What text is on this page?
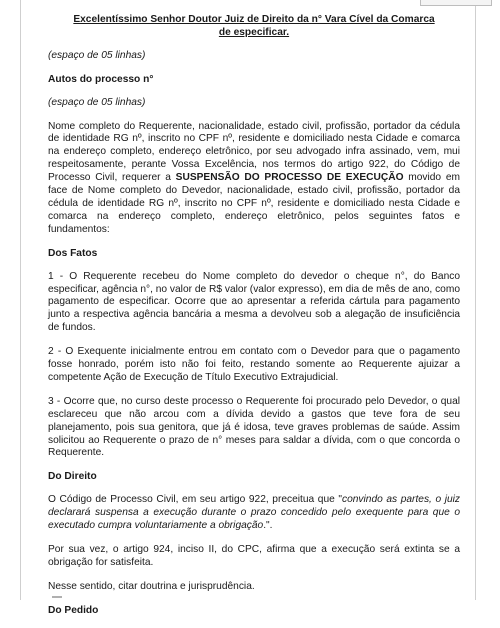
Excelentíssimo Senhor Doutor Juiz de Direito da n° Vara Cível da Comarca
de especificar.
(espaço de 05 linhas)
Autos do processo n°
(espaço de 05 linhas)

Nome completo do Requerente, nacionalidade, estado civil, profissão, portador da cédula de identidade RG nº, inscrito no CPF nº, residente e domiciliado nesta Cidade e comarca na endereço completo, endereço eletrônico, por seu advogado infra assinado, vem, mui respeitosamente, perante Vossa Excelência, nos termos do artigo 922, do Código de Processo Civil, requerer a SUSPENSÃO DO PROCESSO DE EXECUÇÃO movido em face de Nome completo do Devedor, nacionalidade, estado civil, profissão, portador da cédula de identidade RG nº, inscrito no CPF nº, residente e domiciliado nesta Cidade e comarca na endereço completo, endereço eletrônico, pelos seguintes fatos e fundamentos:

Dos Fatos

1 - O Requerente recebeu do Nome completo do devedor o cheque n°, do Banco especificar, agência n°, no valor de R$ valor (valor expresso), em dia de mês de ano, como pagamento de especificar. Ocorre que ao apresentar a referida cártula para pagamento junto a respectiva agência bancária a mesma a devolveu sob a alegação de insuficiência de fundos.

2 - O Exequente inicialmente entrou em contato com o Devedor para que o pagamento fosse honrado, porém isto não foi feito, restando somente ao Requerente ajuizar a competente Ação de Execução de Título Executivo Extrajudicial.

3 - Ocorre que, no curso deste processo o Requerente foi procurado pelo Devedor, o qual esclareceu que não arcou com a dívida devido a gastos que teve fora de seu planejamento, pois sua genitora, que já é idosa, teve graves problemas de saúde. Assim solicitou ao Requerente o prazo de n° meses para saldar a dívida, com o que concorda o Requerente.

Do Direito

O Código de Processo Civil, em seu artigo 922, preceitua que "convindo as partes, o juiz declarará suspensa a execução durante o prazo concedido pelo exequente para que o executado cumpra voluntariamente a obrigação.".

Por sua vez, o artigo 924, inciso II, do CPC, afirma que a execução será extinta se a obrigação for satisfeita.

Nesse sentido, citar doutrina e jurisprudência.

Do Pedido
